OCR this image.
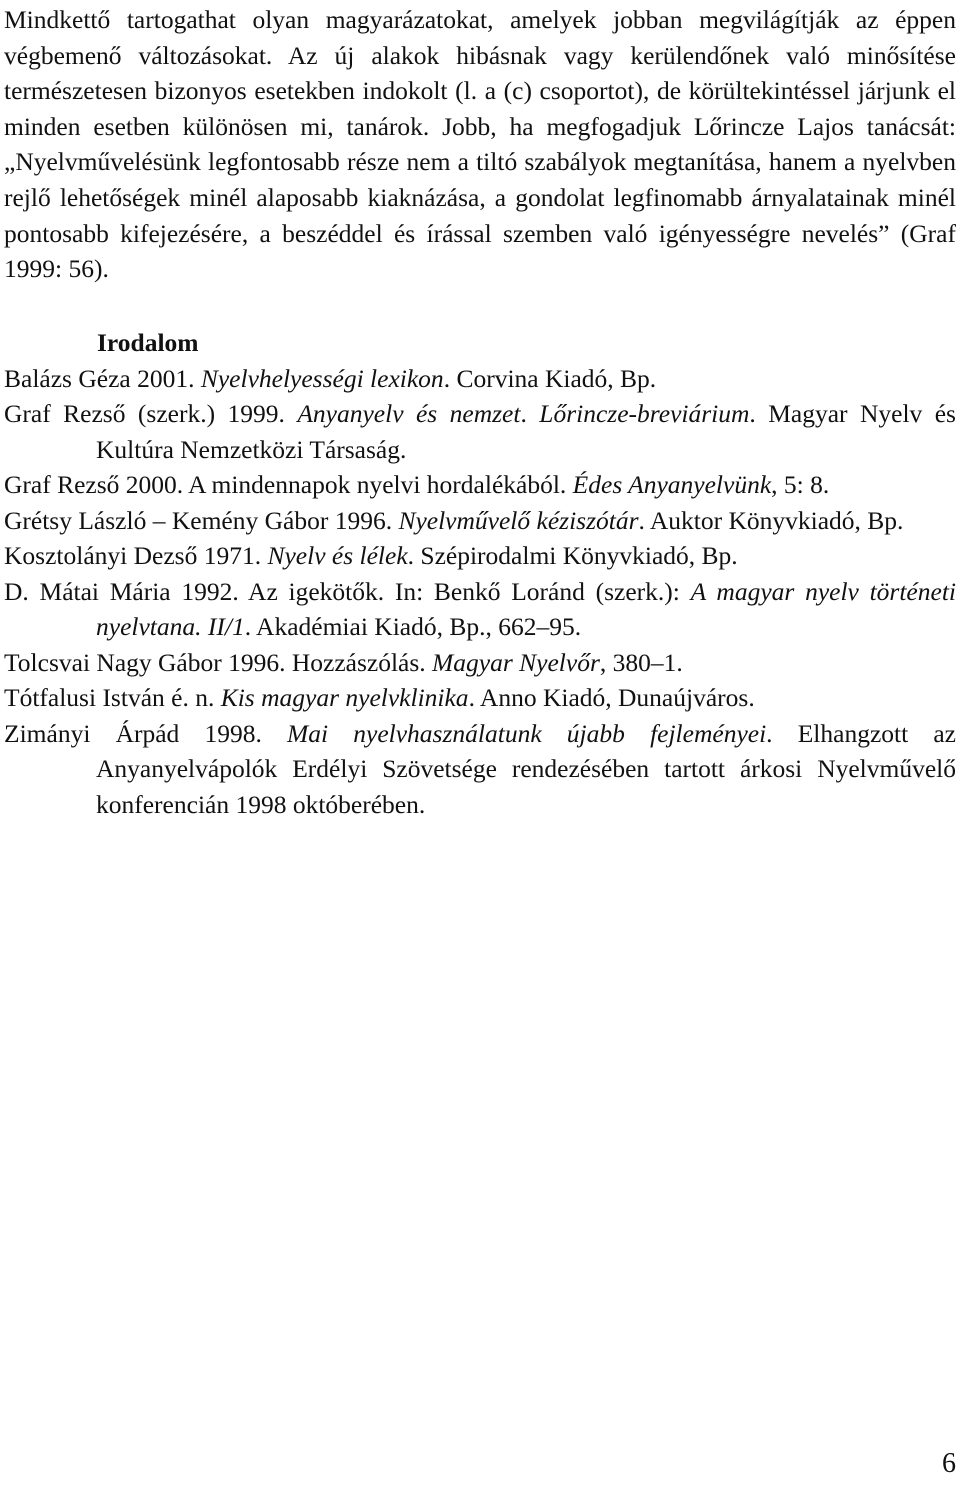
Mindkettő tartogathat olyan magyarázatokat, amelyek jobban megvilágítják az éppen végbemenő változásokat. Az új alakok hibásnak vagy kerülendőnek való minősítése természetesen bizonyos esetekben indokolt (l. a (c) csoportot), de körültekintéssel járjunk el minden esetben különösen mi, tanárok. Jobb, ha megfogadjuk Lőrincze Lajos tanácsát: „Nyelvművelésünk legfontosabb része nem a tiltó szabályok megtanítása, hanem a nyelvben rejlő lehetőségek minél alaposabb kiaknázása, a gondolat legfinomabb árnyalatainak minél pontosabb kifejezésére, a beszéddel és írással szemben való igényességre nevelés” (Graf 1999: 56).

Irodalom

Balázs Géza 2001. Nyelvhelyességi lexikon. Corvina Kiadó, Bp.

Graf Rezső (szerk.) 1999. Anyanyelv és nemzet. Lőrincze-breviárium. Magyar Nyelv és Kultúra Nemzetközi Társaság.

Graf Rezső 2000. A mindennapok nyelvi hordalékából. Édes Anyanyelvünk, 5: 8.

Grétsy László – Kemény Gábor 1996. Nyelvművelő kéziszótár. Auktor Könyvkiadó, Bp.

Kosztolányi Dezső 1971. Nyelv és lélek. Szépirodalmi Könyvkiadó, Bp.

D. Mátai Mária 1992. Az igekötők. In: Benkő Loránd (szerk.): A magyar nyelv történeti nyelvtana. II/1. Akadémiai Kiadó, Bp., 662–95.

Tolcsvai Nagy Gábor 1996. Hozzászólás. Magyar Nyelvőr, 380–1.

Tótfalusi István é. n. Kis magyar nyelvklinika. Anno Kiadó, Dunaújváros.

Zimányi Árpád 1998. Mai nyelvhasználatunk újabb fejleményei. Elhangzott az Anyanyelvápolók Erdélyi Szövetsége rendezésében tartott árkosi Nyelvművelő konferencián 1998 októberében.

6
